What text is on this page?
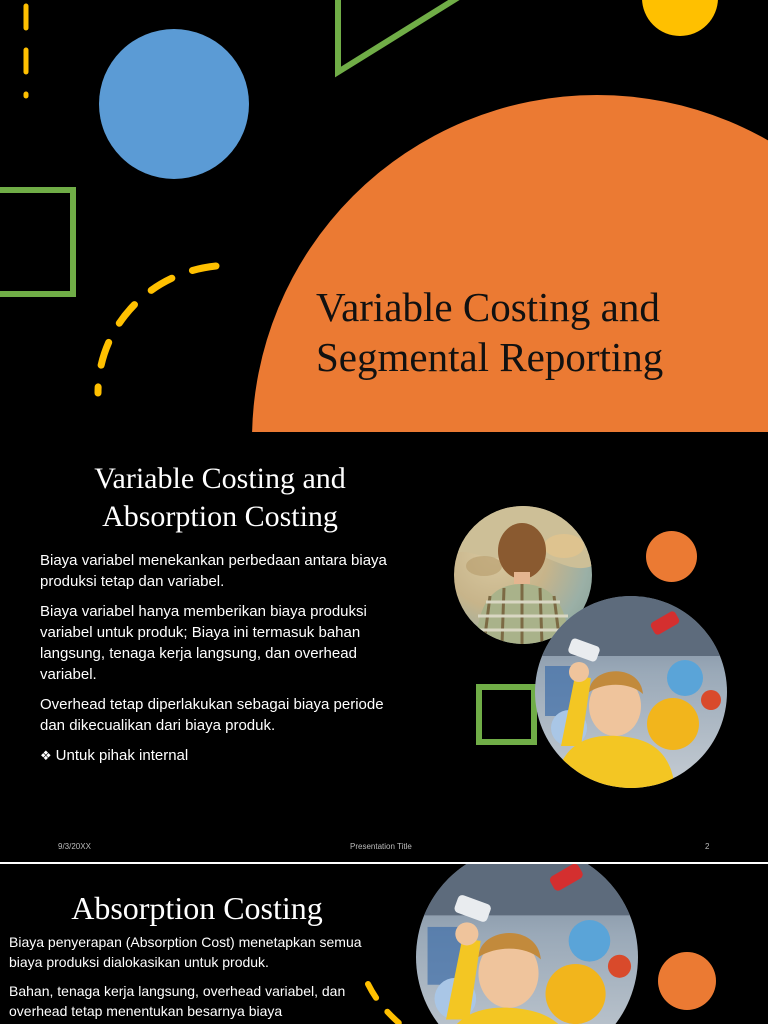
Variable Costing and
Segmental Reporting
Variable Costing and
Absorption Costing

Biaya variabel menekankan perbedaan antara biaya produksi tetap dan variabel.

Biaya variabel hanya memberikan biaya produksi variabel untuk produk; Biaya ini termasuk bahan langsung, tenaga kerja langsung, dan overhead variabel.

Overhead tetap diperlakukan sebagai biaya periode dan dikecualikan dari biaya produk.

❖ Untuk pihak internal

9/3/20XX	Presentation Title	2
Absorption Costing

Biaya penyerapan (Absorption Cost) menetapkan semua biaya produksi dialokasikan untuk produk.

Bahan, tenaga kerja langsung, overhead variabel, dan overhead tetap menentukan besarnya biaya
